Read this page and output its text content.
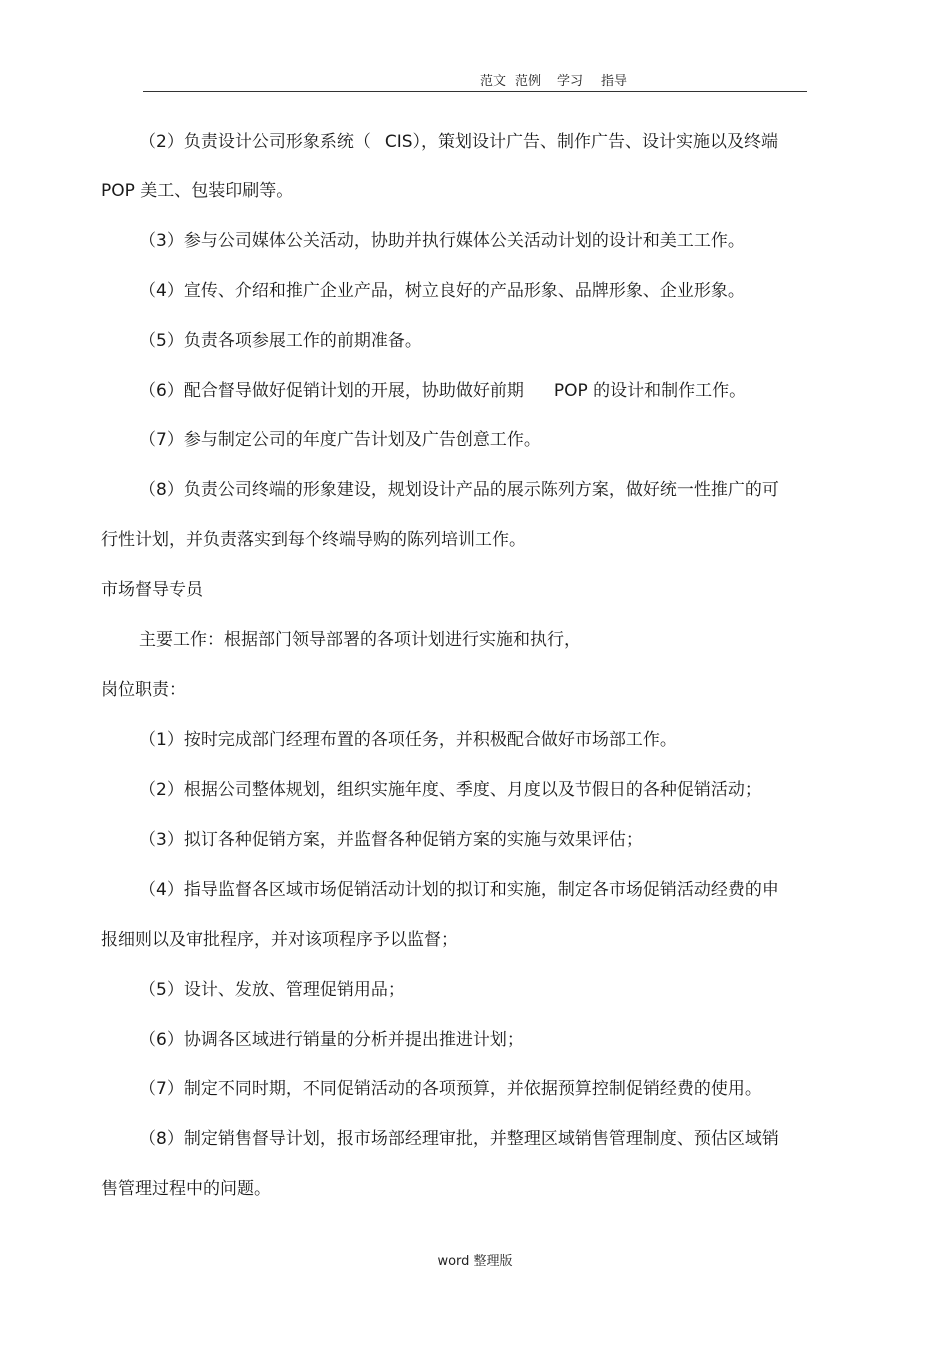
范文 范例 学习 指导
（2）负责设计公司形象系统（ CIS），策划设计广告、制作广告、设计实施以及终端
POP 美工、包装印刷等。
（3）参与公司媒体公关活动，协助并执行媒体公关活动计划的设计和美工工作。
（4）宣传、介绍和推广企业产品，树立良好的产品形象、品牌形象、企业形象。
（5）负责各项参展工作的前期准备。
（6）配合督导做好促销计划的开展，协助做好前期 POP 的设计和制作工作。
（7）参与制定公司的年度广告计划及广告创意工作。
（8）负责公司终端的形象建设，规划设计产品的展示陈列方案，做好统一性推广的可
行性计划，并负责落实到每个终端导购的陈列培训工作。
市场督导专员
主要工作：根据部门领导部署的各项计划进行实施和执行，
岗位职责：
（1）按时完成部门经理布置的各项任务，并积极配合做好市场部工作。
（2）根据公司整体规划，组织实施年度、季度、月度以及节假日的各种促销活动；
（3）拟订各种促销方案，并监督各种促销方案的实施与效果评估；
（4）指导监督各区域市场促销活动计划的拟订和实施，制定各市场促销活动经费的申
报细则以及审批程序，并对该项程序予以监督；
（5）设计、发放、管理促销用品；
（6）协调各区域进行销量的分析并提出推进计划；
（7）制定不同时期，不同促销活动的各项预算，并依据预算控制促销经费的使用。
（8）制定销售督导计划，报市场部经理审批，并整理区域销售管理制度、预估区域销
售管理过程中的问题。
word 整理版
